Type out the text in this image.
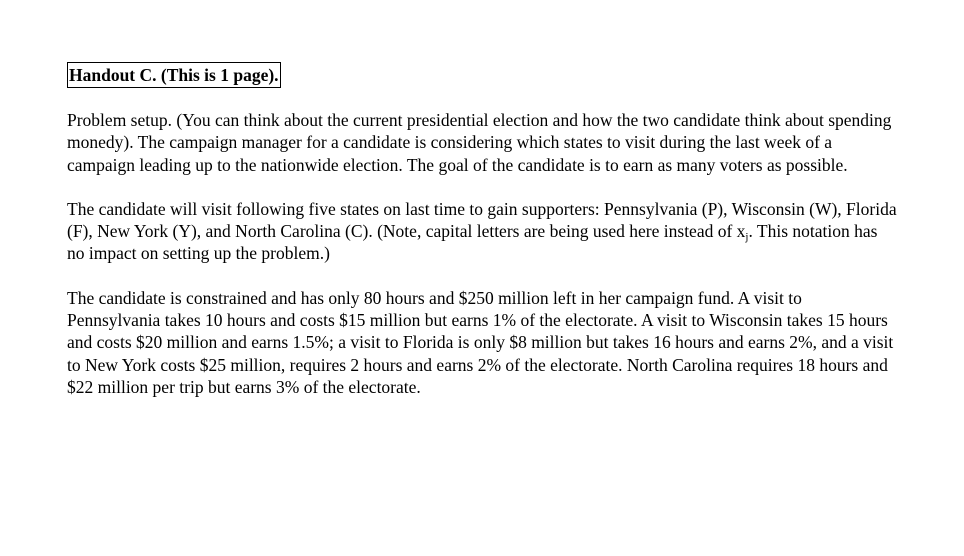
Handout C. (This is 1 page).

Problem setup. (You can think about the current presidential election and how the two candidate think about spending monedy). The campaign manager for a candidate is considering which states to visit during the last week of a campaign leading up to the nationwide election. The goal of the candidate is to earn as many voters as possible.

The candidate will visit following five states on last time to gain supporters: Pennsylvania (P), Wisconsin (W), Florida (F), New York (Y), and North Carolina (C). (Note, capital letters are being used here instead of $x_j$. This notation has no impact on setting up the problem.)

The candidate is constrained and has only 80 hours and $250 million left in her campaign fund. A visit to Pennsylvania takes 10 hours and costs $15 million but earns 1% of the electorate. A visit to Wisconsin takes 15 hours and costs $20 million and earns 1.5%; a visit to Florida is only $8 million but takes 16 hours and earns 2%, and a visit to New York costs $25 million, requires 2 hours and earns 2% of the electorate. North Carolina requires 18 hours and $22 million per trip but earns 3% of the electorate.
